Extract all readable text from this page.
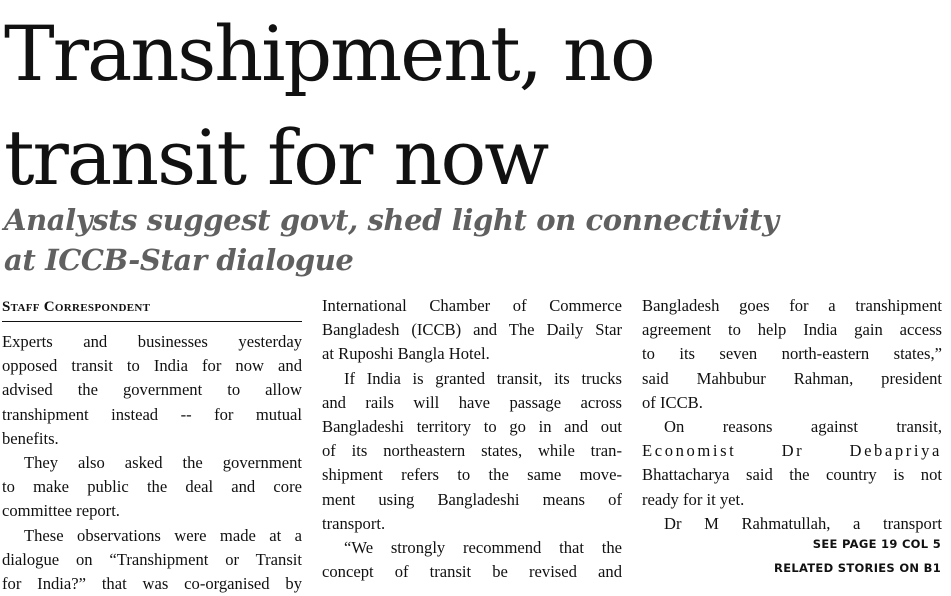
Transhipment, no
transit for now
Analysts suggest govt, shed light on connectivity
at ICCB-Star dialogue
Staff Correspondent
Experts and businesses yesterday
opposed transit to India for now and
advised the government to allow
transhipment instead -- for mutual
benefits.
They also asked the government
to make public the deal and core
committee report.
These observations were made at a
dialogue on “Transhipment or Transit
for India?” that was co-organised by
International Chamber of Commerce
Bangladesh (ICCB) and The Daily Star
at Ruposhi Bangla Hotel.
If India is granted transit, its trucks
and rails will have passage across
Bangladeshi territory to go in and out
of its northeastern states, while tran-
shipment refers to the same move-
ment using Bangladeshi means of
transport.
“We strongly recommend that the
concept of transit be revised and
Bangladesh goes for a transhipment
agreement to help India gain access
to its seven north-eastern states,”
said Mahbubur Rahman, president
of ICCB.
On reasons against transit,
Economist Dr Debapriya
Bhattacharya said the country is not
ready for it yet.
Dr M Rahmatullah, a transport
SEE PAGE 19 COL 5
RELATED STORIES ON B1
